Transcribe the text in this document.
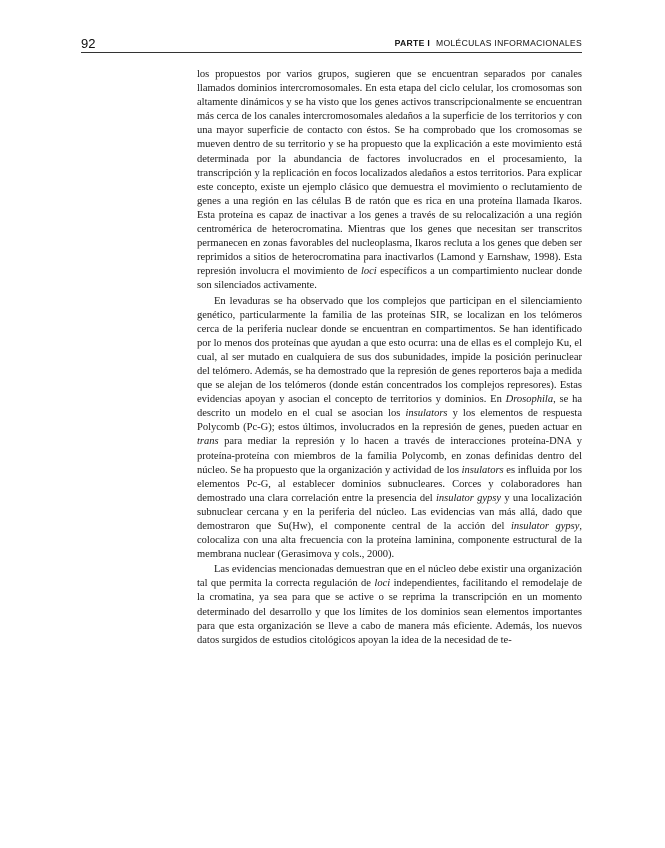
92	PARTE I MOLÉCULAS INFORMACIONALES

los propuestos por varios grupos, sugieren que se encuentran separados por canales llamados dominios intercromosomales. En esta etapa del ciclo celular, los cromosomas son altamente dinámicos y se ha visto que los genes activos transcripcionalmente se encuentran más cerca de los canales intercromosomales aledaños a la superficie de los territorios y con una mayor superficie de contacto con éstos. Se ha comprobado que los cromosomas se mueven dentro de su territorio y se ha propuesto que la explicación a este movimiento está determinada por la abundancia de factores involucrados en el procesamiento, la transcripción y la replicación en focos localizados aledaños a estos territorios. Para explicar este concepto, existe un ejemplo clásico que demuestra el movimiento o reclutamiento de genes a una región en las células B de ratón que es rica en una proteína llamada Ikaros. Esta proteína es capaz de inactivar a los genes a través de su relocalización a una región centromérica de heterocromatina. Mientras que los genes que necesitan ser transcritos permanecen en zonas favorables del nucleoplasma, Ikaros recluta a los genes que deben ser reprimidos a sitios de heterocromatina para inactivarlos (Lamond y Earnshaw, 1998). Esta represión involucra el movimiento de loci específicos a un compartimiento nuclear donde son silenciados activamente.

En levaduras se ha observado que los complejos que participan en el silenciamiento genético, particularmente la familia de las proteínas SIR, se localizan en los telómeros cerca de la periferia nuclear donde se encuentran en compartimentos. Se han identificado por lo menos dos proteínas que ayudan a que esto ocurra: una de ellas es el complejo Ku, el cual, al ser mutado en cualquiera de sus dos subunidades, impide la posición perinuclear del telómero. Además, se ha demostrado que la represión de genes reporteros baja a medida que se alejan de los telómeros (donde están concentrados los complejos represores). Estas evidencias apoyan y asocian el concepto de territorios y dominios. En Drosophila, se ha descrito un modelo en el cual se asocian los insulators y los elementos de respuesta Polycomb (Pc-G); estos últimos, involucrados en la represión de genes, pueden actuar en trans para mediar la represión y lo hacen a través de interacciones proteína-DNA y proteína-proteína con miembros de la familia Polycomb, en zonas definidas dentro del núcleo. Se ha propuesto que la organización y actividad de los insulators es influida por los elementos Pc-G, al establecer dominios subnucleares. Corces y colaboradores han demostrado una clara correlación entre la presencia del insulator gypsy y una localización subnuclear cercana y en la periferia del núcleo. Las evidencias van más allá, dado que demostraron que Su(Hw), el componente central de la acción del insulator gypsy, colocaliza con una alta frecuencia con la proteína laminina, componente estructural de la membrana nuclear (Gerasimova y cols., 2000).

Las evidencias mencionadas demuestran que en el núcleo debe existir una organización tal que permita la correcta regulación de loci independientes, facilitando el remodelaje de la cromatina, ya sea para que se active o se reprima la transcripción en un momento determinado del desarrollo y que los límites de los dominios sean elementos importantes para que esta organización se lleve a cabo de manera más eficiente. Además, los nuevos datos surgidos de estudios citológicos apoyan la idea de la necesidad de te-
